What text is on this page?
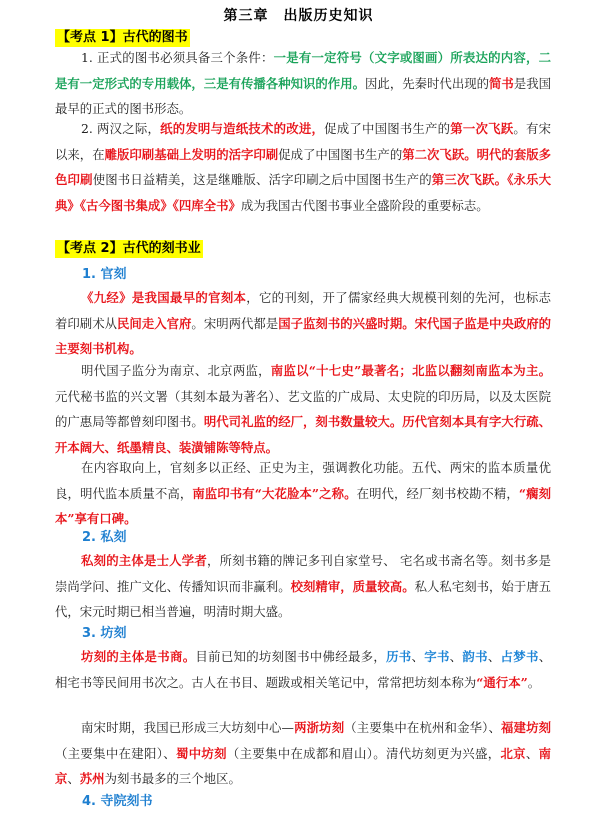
第三章　出版历史知识
【考点 1】古代的图书

1. 正式的图书必须具备三个条件：一是有一定符号（文字或图画）所表达的内容，二是有一定形式的专用载体，三是有传播各种知识的作用。因此，先秦时代出现的简书是我国最早的正式的图书形态。

2. 两汉之际，纸的发明与造纸技术的改进，促成了中国图书生产的第一次飞跃。有宋以来，在雕版印刷基础上发明的活字印刷促成了中国图书生产的第二次飞跃。明代的套版多色印刷使图书日益精美，这是继雕版、活字印刷之后中国图书生产的第三次飞跃。《永乐大典》《古今图书集成》《四库全书》成为我国古代图书事业全盛阶段的重要标志。

【考点 2】古代的刻书业
1. 官刻

《九经》是我国最早的官刻本，它的刊刻，开了儒家经典大规模刊刻的先河，也标志着印刷术从民间走入官府。宋明两代都是国子监刻书的兴盛时期。宋代国子监是中央政府的主要刻书机构。

明代国子监分为南京、北京两监，南监以“十七史”最著名；北监以翻刻南监本为主。元代秘书监的兴文署（其刻本最为著名）、艺文监的广成局、太史院的印历局，以及太医院的广惠局等都曾刻印图书。明代司礼监的经厂，刻书数量较大。历代官刻本具有字大行疏、开本阔大、纸墨精良、装潢铺陈等特点。

在内容取向上，官刻多以正经、正史为主，强调教化功能。五代、两宋的监本质量优良，明代监本质量不高，南监印书有“大花脸本”之称。在明代，经厂刻书校勘不精，“瘸刻本”享有口碑。

2. 私刻

私刻的主体是士人学者，所刻书籍的牌记多刊自家堂号、 宅名或书斋名等。刻书多是崇尚学问、推广文化、传播知识而非赢利。校刻精审，质量较高。私人私宅刻书，始于唐五代，宋元时期已相当普遍，明清时期大盛。

3. 坊刻

坊刻的主体是书商。目前已知的坊刻图书中佛经最多，历书、字书、韵书、占梦书、相宅书等民间用书次之。古人在书目、题跋或相关笔记中，常常把坊刻本称为“通行本”。

南宋时期，我国已形成三大坊刻中心—两浙坊刻（主要集中在杭州和金华）、福建坊刻（主要集中在建阳）、蜀中坊刻（主要集中在成都和眉山）。清代坊刻更为兴盛，北京、南京、苏州为刻书最多的三个地区。

4. 寺院刻书
